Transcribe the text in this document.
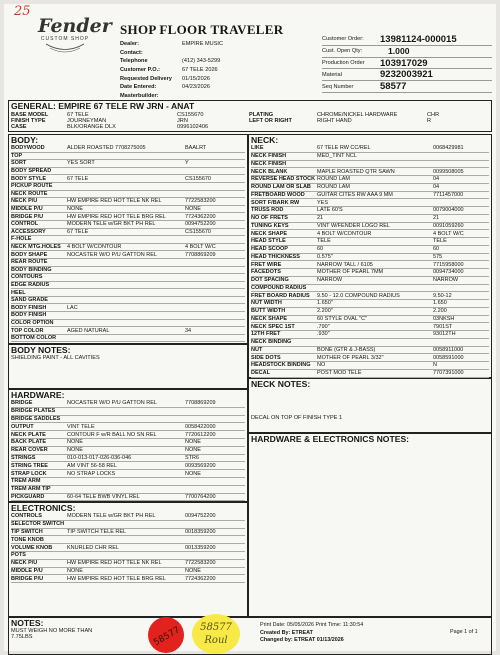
25
Fender
CUSTOM SHOP
SHOP FLOOR TRAVELER
Dealer:	EMPIRE MUSIC
Contact:
Telephone	(412) 343-5299
Customer P.O.:	67 TELE 2026
Requested Delivery	01/15/2026
Date Entered:	04/23/2026
Masterbuilder:
Customer Order:	13981124-000015
Cust. Open Qty:	1.000
Production Order	103917029
Material	9232003921
Seq Number	58577
GENERAL: EMPIRE 67 TELE RW JRN - ANAT
BASE MODEL	67 TELE	CS155670
FINISH TYPE	JOURNEYMAN	JRN
CASE	BLK/ORANGE DLX	0996102406
PLATING	CHROME/NICKEL HARDWARE	CHR
LEFT OR RIGHT	RIGHT HAND	R
BODY:
BODYWOOD	ALDER ROASTED 7708275005	BAALRT
TOP
SORT	YES SORT	Y
BODY SPREAD
BODY STYLE	67 TELE	CS155670
PICKUP ROUTE
NECK ROUTE
NECK P/U	HW EMPIRE RED HOT TELE NK REL	7722583200
MIDDLE P/U	NONE	NONE
BRIDGE P/U	HW EMPIRE RED HOT TELE BRG REL	7724362200
CONTROL	MODERN TELE w/GR BKT PH REL	0094752200
ACCESSORY	67 TELE	CS155670
F-HOLE
NECK MTG.HOLES	4 BOLT W/CONTOUR	4 BOLT W/C
BODY SHAPE	NOCASTER W/O P/U GATTON REL	7708869209
REAR ROUTE
BODY BINDING
CONTOURS
EDGE RADIUS
HEEL
SAND GRADE
BODY FINISH	LAC
BODY FINISH
COLOR OPTION
TOP COLOR	AGED NATURAL	34
BOTTOM COLOR
NECK:
LIKE	67 TELE RW CC/REL	0068429981
NECK FINISH	MED_TINT NCL
NECK FINISH
NECK BLANK	MAPLE ROASTED QTR SAWN	0099508005
REVERSE HEAD STOCK ROUND LAM	04
ROUND LAM OR SLAB	ROUND LAM	04
FRETBOARD WOOD	GUITAR CITES RW AAA 9 MM	7711457000
SORT F/BARK RW	YES
TRUSS ROD	LATE 60'S	0079004000
NO OF FRETS	21	21
TUNING KEYS	VINT W/FENDER LOGO REL	0091059260
NECK SHAPE	4 BOLT W/CONTOUR	4 BOLT W/C
HEAD STYLE	TELE	TELE
HEAD SCOOP	60	60
HEAD THICKNESS	0.575"	575
FRET WIRE	NARROW TALL / 6105	7715958000
FACEDOTS	MOTHER OF PEARL 7MM	0094734000
DOT SPACING	NARROW	NARROW
COMPOUND RADIUS
FRET BOARD RADIUS	9.50 - 12.0 COMPOUND RADIUS	9.50-12
NUT WIDTH	1.650"	1.650
BUTT WIDTH	2.200"	2.200
NECK SHAPE	60 STYLE OVAL "C"	03NKSH
NECK SPEC 1ST	.790"	7901ST
12TH FRET	.930"	93012TH
NECK BINDING
NUT	BONE (GTR & J-BASS)	0058911000
SIDE DOTS	MOTHER OF PEARL 3/32"	0058591000
HEADSTOCK BINDING	NO	N
DECAL	POST MOD TELE	7707391000
BODY NOTES:
SHIELDING PAINT - ALL CAVITIES
HARDWARE:
BRIDGE	NOCASTER W/O P/U GATTON REL	7708869209
BRIDGE PLATES
BRIDGE SADDLES
OUTPUT	VINT TELE	0058422000
NECK PLATE	CONTOUR F w/R BALL NO SN REL	7720612200
BACK PLATE	NONE	NONE
REAR COVER	NONE	NONE
STRINGS	010-013-017-026-036-046	STR6
STRING TREE	AM VINT 56-58 REL	0093569200
STRAP LOCK	NO STRAP LOCKS	NONE
TREM ARM
TREM ARM TIP
PICKGUARD	60-64 TELE BWB VINYL REL	7700764200
ELECTRONICS:
CONTROLS	MODERN TELE w/GR BKT PH REL	0094752200
SELECTOR SWITCH
TIP SWITCH	TIP SWITCH TELE REL	0018359200
TONE KNOB
VOLUME KNOB	KNURLED CHR REL	0013359200
POTS
NECK P/U	HW EMPIRE RED HOT TELE NK REL	7722583200
MIDDLE P/U	NONE	NONE
BRIDGE P/U	HW EMPIRE RED HOT TELE BRG REL	7724362200
NECK NOTES:
DECAL ON TOP OF FINISH TYPE 1
HARDWARE & ELECTRONICS NOTES:
NOTES:
MUST WEIGH NO MORE THAN
7.75LBS	58577 58577
Roul
Print Date: 05/05/2026 Print Time: 11:30:54
Created By: ETREAT
Changed by: ETREAT 01/13/2026
Page 1 of 1
